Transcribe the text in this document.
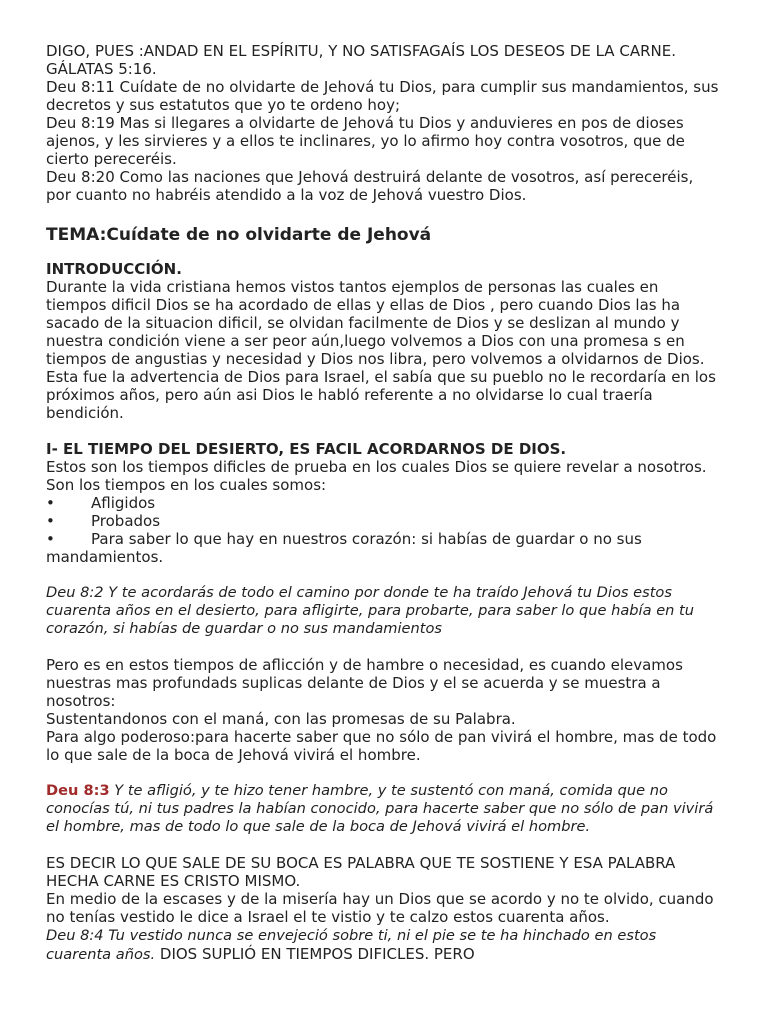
DIGO, PUES :ANDAD EN EL ESPÍRITU, Y NO SATISFAGAÍS LOS DESEOS DE LA CARNE. GÁLATAS 5:16.

Deu 8:11 Cuídate de no olvidarte de Jehová tu Dios, para cumplir sus mandamientos, sus decretos y sus estatutos que yo te ordeno hoy;

Deu 8:19 Mas si llegares a olvidarte de Jehová tu Dios y anduvieres en pos de dioses ajenos, y les sirvieres y a ellos te inclinares, yo lo afirmo hoy contra vosotros, que de cierto pereceréis.

Deu 8:20 Como las naciones que Jehová destruirá delante de vosotros, así pereceréis, por cuanto no habréis atendido a la voz de Jehová vuestro Dios.

TEMA:Cuídate de no olvidarte de Jehová
INTRODUCCIÓN.

Durante la vida cristiana hemos vistos tantos ejemplos de personas las cuales en tiempos dificil Dios se ha acordado de ellas y ellas de Dios , pero cuando Dios las ha sacado de la situacion dificil, se olvidan facilmente de Dios y se deslizan al mundo y nuestra condición viene a ser peor aún,luego volvemos a Dios con una promesa s en tiempos de angustias y necesidad y Dios nos libra, pero volvemos a olvidarnos de Dios.

Esta fue la advertencia de Dios para Israel, el sabía que su pueblo no le recordaría en los próximos años, pero aún asi Dios le habló referente a no olvidarse lo cual traería bendición.

I- EL TIEMPO DEL DESIERTO, ES FACIL ACORDARNOS DE DIOS.

Estos son los tiempos dificles de prueba en los cuales Dios se quiere revelar a nosotros. Son los tiempos en los cuales somos:

• Afligidos
• Probados
• Para saber lo que hay en nuestros corazón: si habías de guardar o no sus mandamientos.

Deu 8:2 Y te acordarás de todo el camino por donde te ha traído Jehová tu Dios estos cuarenta años en el desierto, para afligirte, para probarte, para saber lo que había en tu corazón, si habías de guardar o no sus mandamientos

Pero es en estos tiempos de aflicción y de hambre o necesidad, es cuando elevamos nuestras mas profundads suplicas delante de Dios y el se acuerda y se muestra a nosotros:

Sustentandonos con el maná, con las promesas de su Palabra.

Para algo poderoso:para hacerte saber que no sólo de pan vivirá el hombre, mas de todo lo que sale de la boca de Jehová vivirá el hombre.

Deu 8:3 Y te afligió, y te hizo tener hambre, y te sustentó con maná, comida que no conocías tú, ni tus padres la habían conocido, para hacerte saber que no sólo de pan vivirá el hombre, mas de todo lo que sale de la boca de Jehová vivirá el hombre.

ES DECIR LO QUE SALE DE SU BOCA ES PALABRA QUE TE SOSTIENE Y ESA PALABRA HECHA CARNE ES CRISTO MISMO.

En medio de la escases y de la misería hay un Dios que se acordo y no te olvido, cuando no tenías vestido le dice a Israel el te vistio y te calzo estos cuarenta años.

Deu 8:4 Tu vestido nunca se envejeció sobre ti, ni el pie se te ha hinchado en estos cuarenta años. DIOS SUPLIÓ EN TIEMPOS DIFICLES. PERO
